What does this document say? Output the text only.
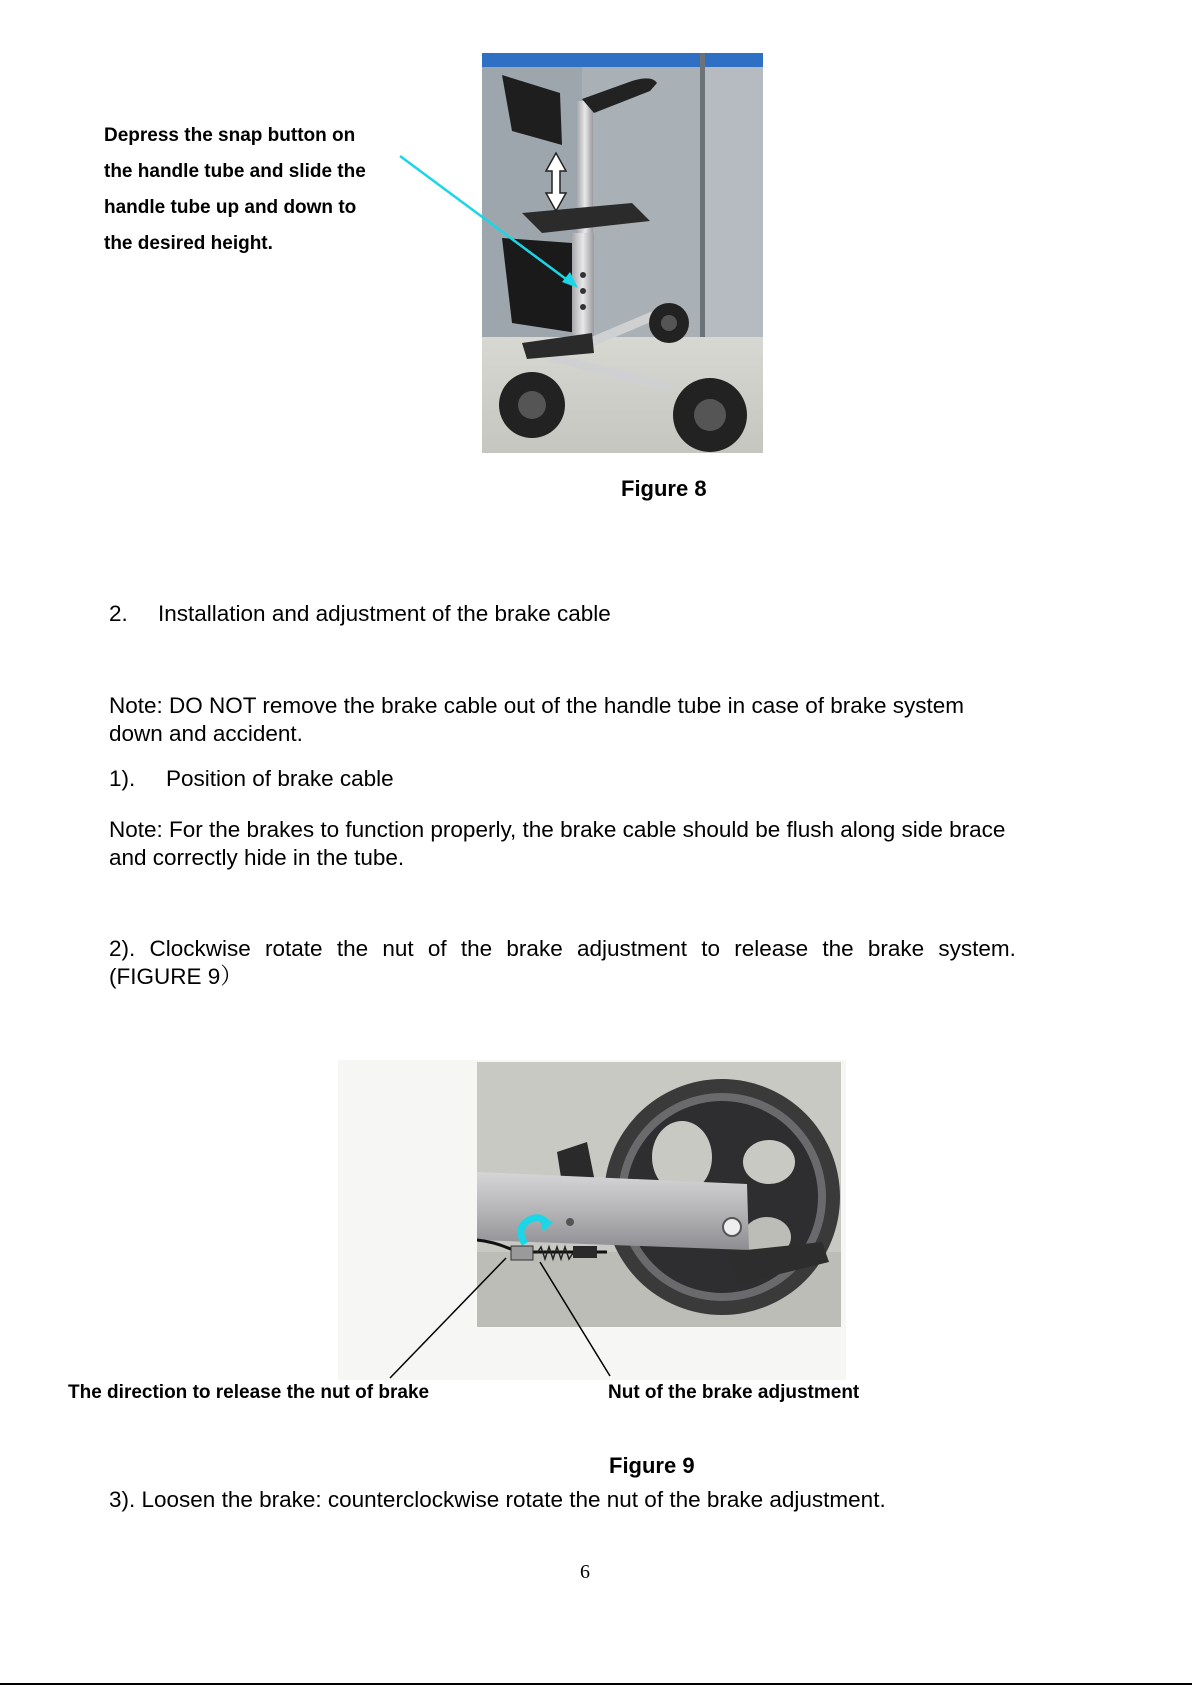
Depress the snap button on
the handle tube and slide the
handle tube up and down to
the desired height.
Figure 8
2. Installation and adjustment of the brake cable
Note: DO NOT remove the brake cable out of the handle tube in case of brake system
down and accident.
1). Position of brake cable
Note: For the brakes to function properly, the brake cable should be flush along side brace
and correctly hide in the tube.
2). Clockwise rotate the nut of the brake adjustment to release the brake system.
(FIGURE 9）
The direction to release the nut of brake	Nut of the brake adjustment
Figure 9
3). Loosen the brake: counterclockwise rotate the nut of the brake adjustment.
6
